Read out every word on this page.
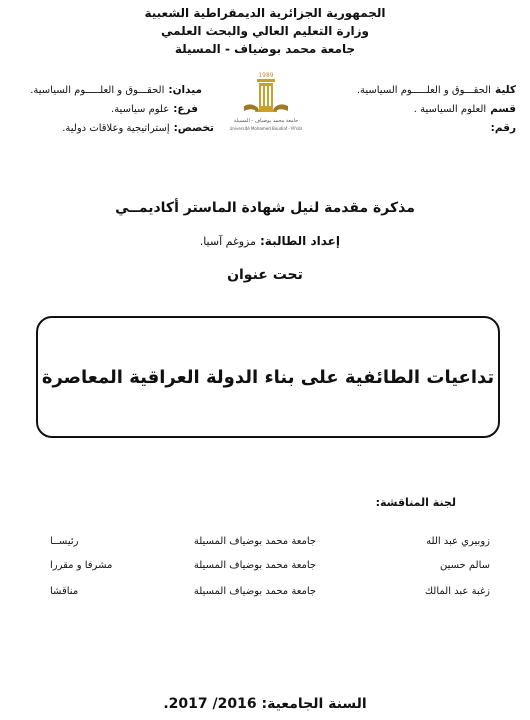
الجمهورية الجزائرية الديمقراطية الشعبية
وزارة التعليم العالي والبحث العلمي
جامعة محمد بوضياف - المسيلة
كلية
الحقـــوق و العلـــــوم السياسية.
قسم
العلوم السياسية .
رقم:
ميدان:
الحقـــوق و العلـــــوم السياسية.
فرع:
علوم سياسية.
تخصص:
إستراتيجية وعلاقات دولية.
1989
جامعة محمد بوضياف - المسيلة
Université Mohamed Boudiaf - M'sila
مذكرة مقدمة لنيل شهادة الماستر أكاديمــي
إعداد الطالبة:
مزوغم آسيا.
تحت عنوان
تداعيات الطائفية على بناء الدولة العراقية المعاصرة
لجنة المناقشة:
زوبيري عبد الله
جامعة محمد بوضياف المسيلة
رئيســا
سالم حسين
جامعة محمد بوضياف المسيلة
مشرفا و مقررا
زغبة عبد المالك
جامعة محمد بوضياف المسيلة
مناقشا
السنة الجامعية: 2016/ 2017.
